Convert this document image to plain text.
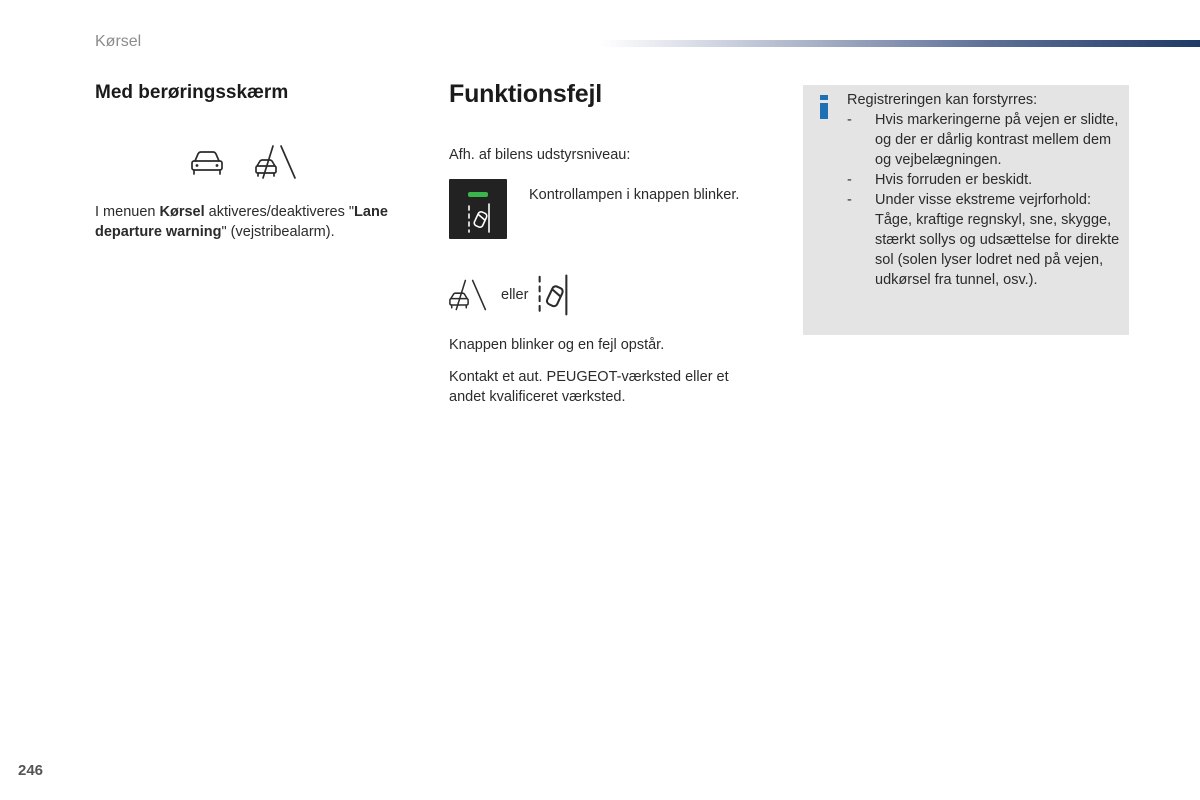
Kørsel
Med berøringsskærm

I menuen Kørsel aktiveres/deaktiveres "Lane departure warning" (vejstribealarm).

Funktionsfejl

Afh. af bilens udstyrsniveau:

Kontrollampen i knappen blinker.

eller

Knappen blinker og en fejl opstår.

Kontakt et aut. PEUGEOT-værksted eller et andet kvalificeret værksted.

Registreringen kan forstyrres:

- Hvis markeringerne på vejen er slidte, og der er dårlig kontrast mellem dem og vejbelægningen.
- Hvis forruden er beskidt.
- Under visse ekstreme vejrforhold: Tåge, kraftige regnskyl, sne, skygge, stærkt sollys og udsættelse for direkte sol (solen lyser lodret ned på vejen, udkørsel fra tunnel, osv.).
246
